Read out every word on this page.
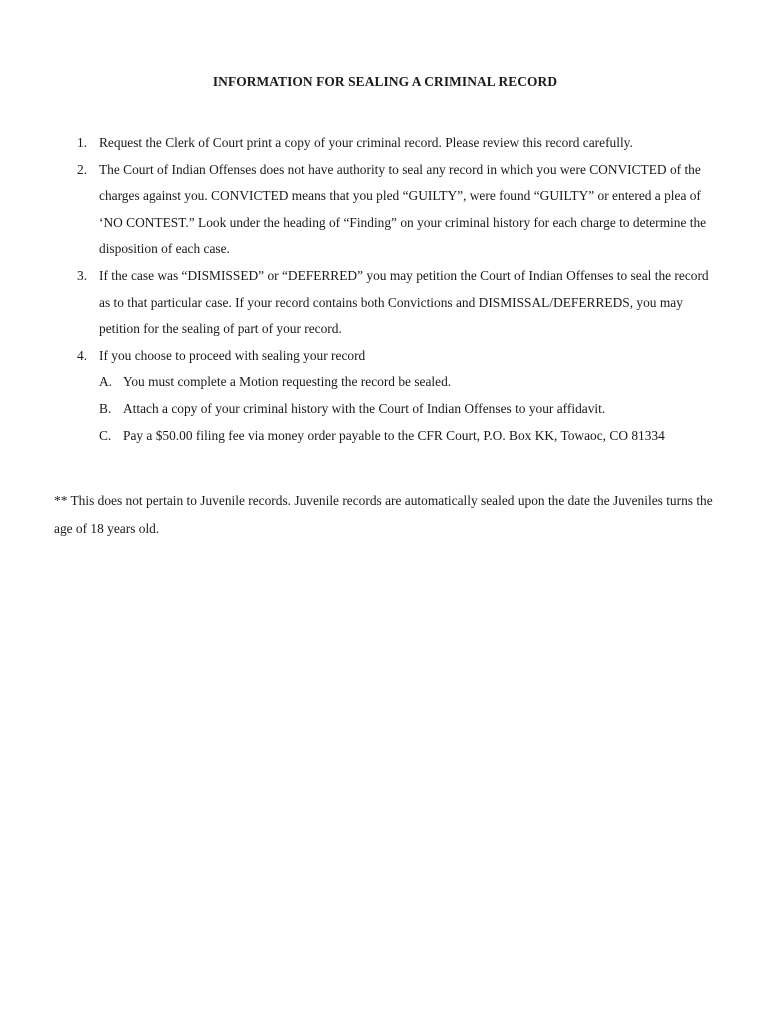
INFORMATION FOR SEALING A CRIMINAL RECORD
1. Request the Clerk of Court print a copy of your criminal record. Please review this record carefully.
2. The Court of Indian Offenses does not have authority to seal any record in which you were CONVICTED of the charges against you. CONVICTED means that you pled “GUILTY”, were found “GUILTY” or entered a plea of ‘NO CONTEST.” Look under the heading of “Finding” on your criminal history for each charge to determine the disposition of each case.
3. If the case was “DISMISSED” or “DEFERRED” you may petition the Court of Indian Offenses to seal the record as to that particular case. If your record contains both Convictions and DISMISSAL/DEFERREDS, you may petition for the sealing of part of your record.
4. If you choose to proceed with sealing your record
A. You must complete a Motion requesting the record be sealed.
B. Attach a copy of your criminal history with the Court of Indian Offenses to your affidavit.
C. Pay a $50.00 filing fee via money order payable to the CFR Court, P.O. Box KK, Towaoc, CO 81334

** This does not pertain to Juvenile records. Juvenile records are automatically sealed upon the date the Juveniles turns the age of 18 years old.
